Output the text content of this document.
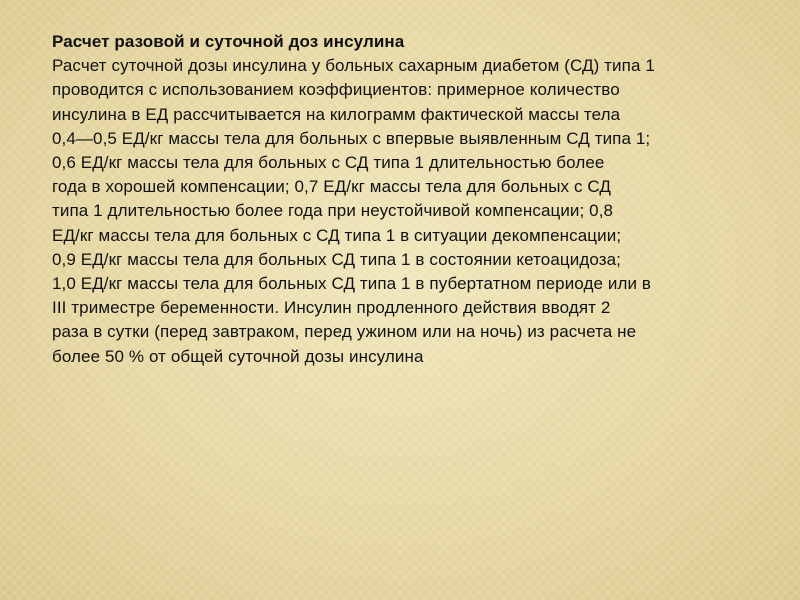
Расчет разовой и суточной доз инсулина

Расчет суточной дозы инсулина у больных сахарным диабетом (СД) типа 1
проводится с использованием коэффициентов: примерное количество
инсулина в ЕД рассчитывается на килограмм фактической массы тела
0,4—0,5 ЕД/кг массы тела для больных с впервые выявленным СД типа 1;
0,6 ЕД/кг массы тела для больных с СД типа 1 длительностью более
года в хорошей компенсации; 0,7 ЕД/кг массы тела для больных с СД
типа 1 длительностью более года при неустойчивой компенсации; 0,8
ЕД/кг массы тела для больных с СД типа 1 в ситуации декомпенсации;
0,9 ЕД/кг массы тела для больных СД типа 1 в состоянии кетоацидоза;
1,0 ЕД/кг массы тела для больных СД типа 1 в пубертатном периоде или в
III триместре беременности. Инсулин продленного действия вводят 2
раза в сутки (перед завтраком, перед ужином или на ночь) из расчета не
более 50 % от общей суточной дозы инсулина
